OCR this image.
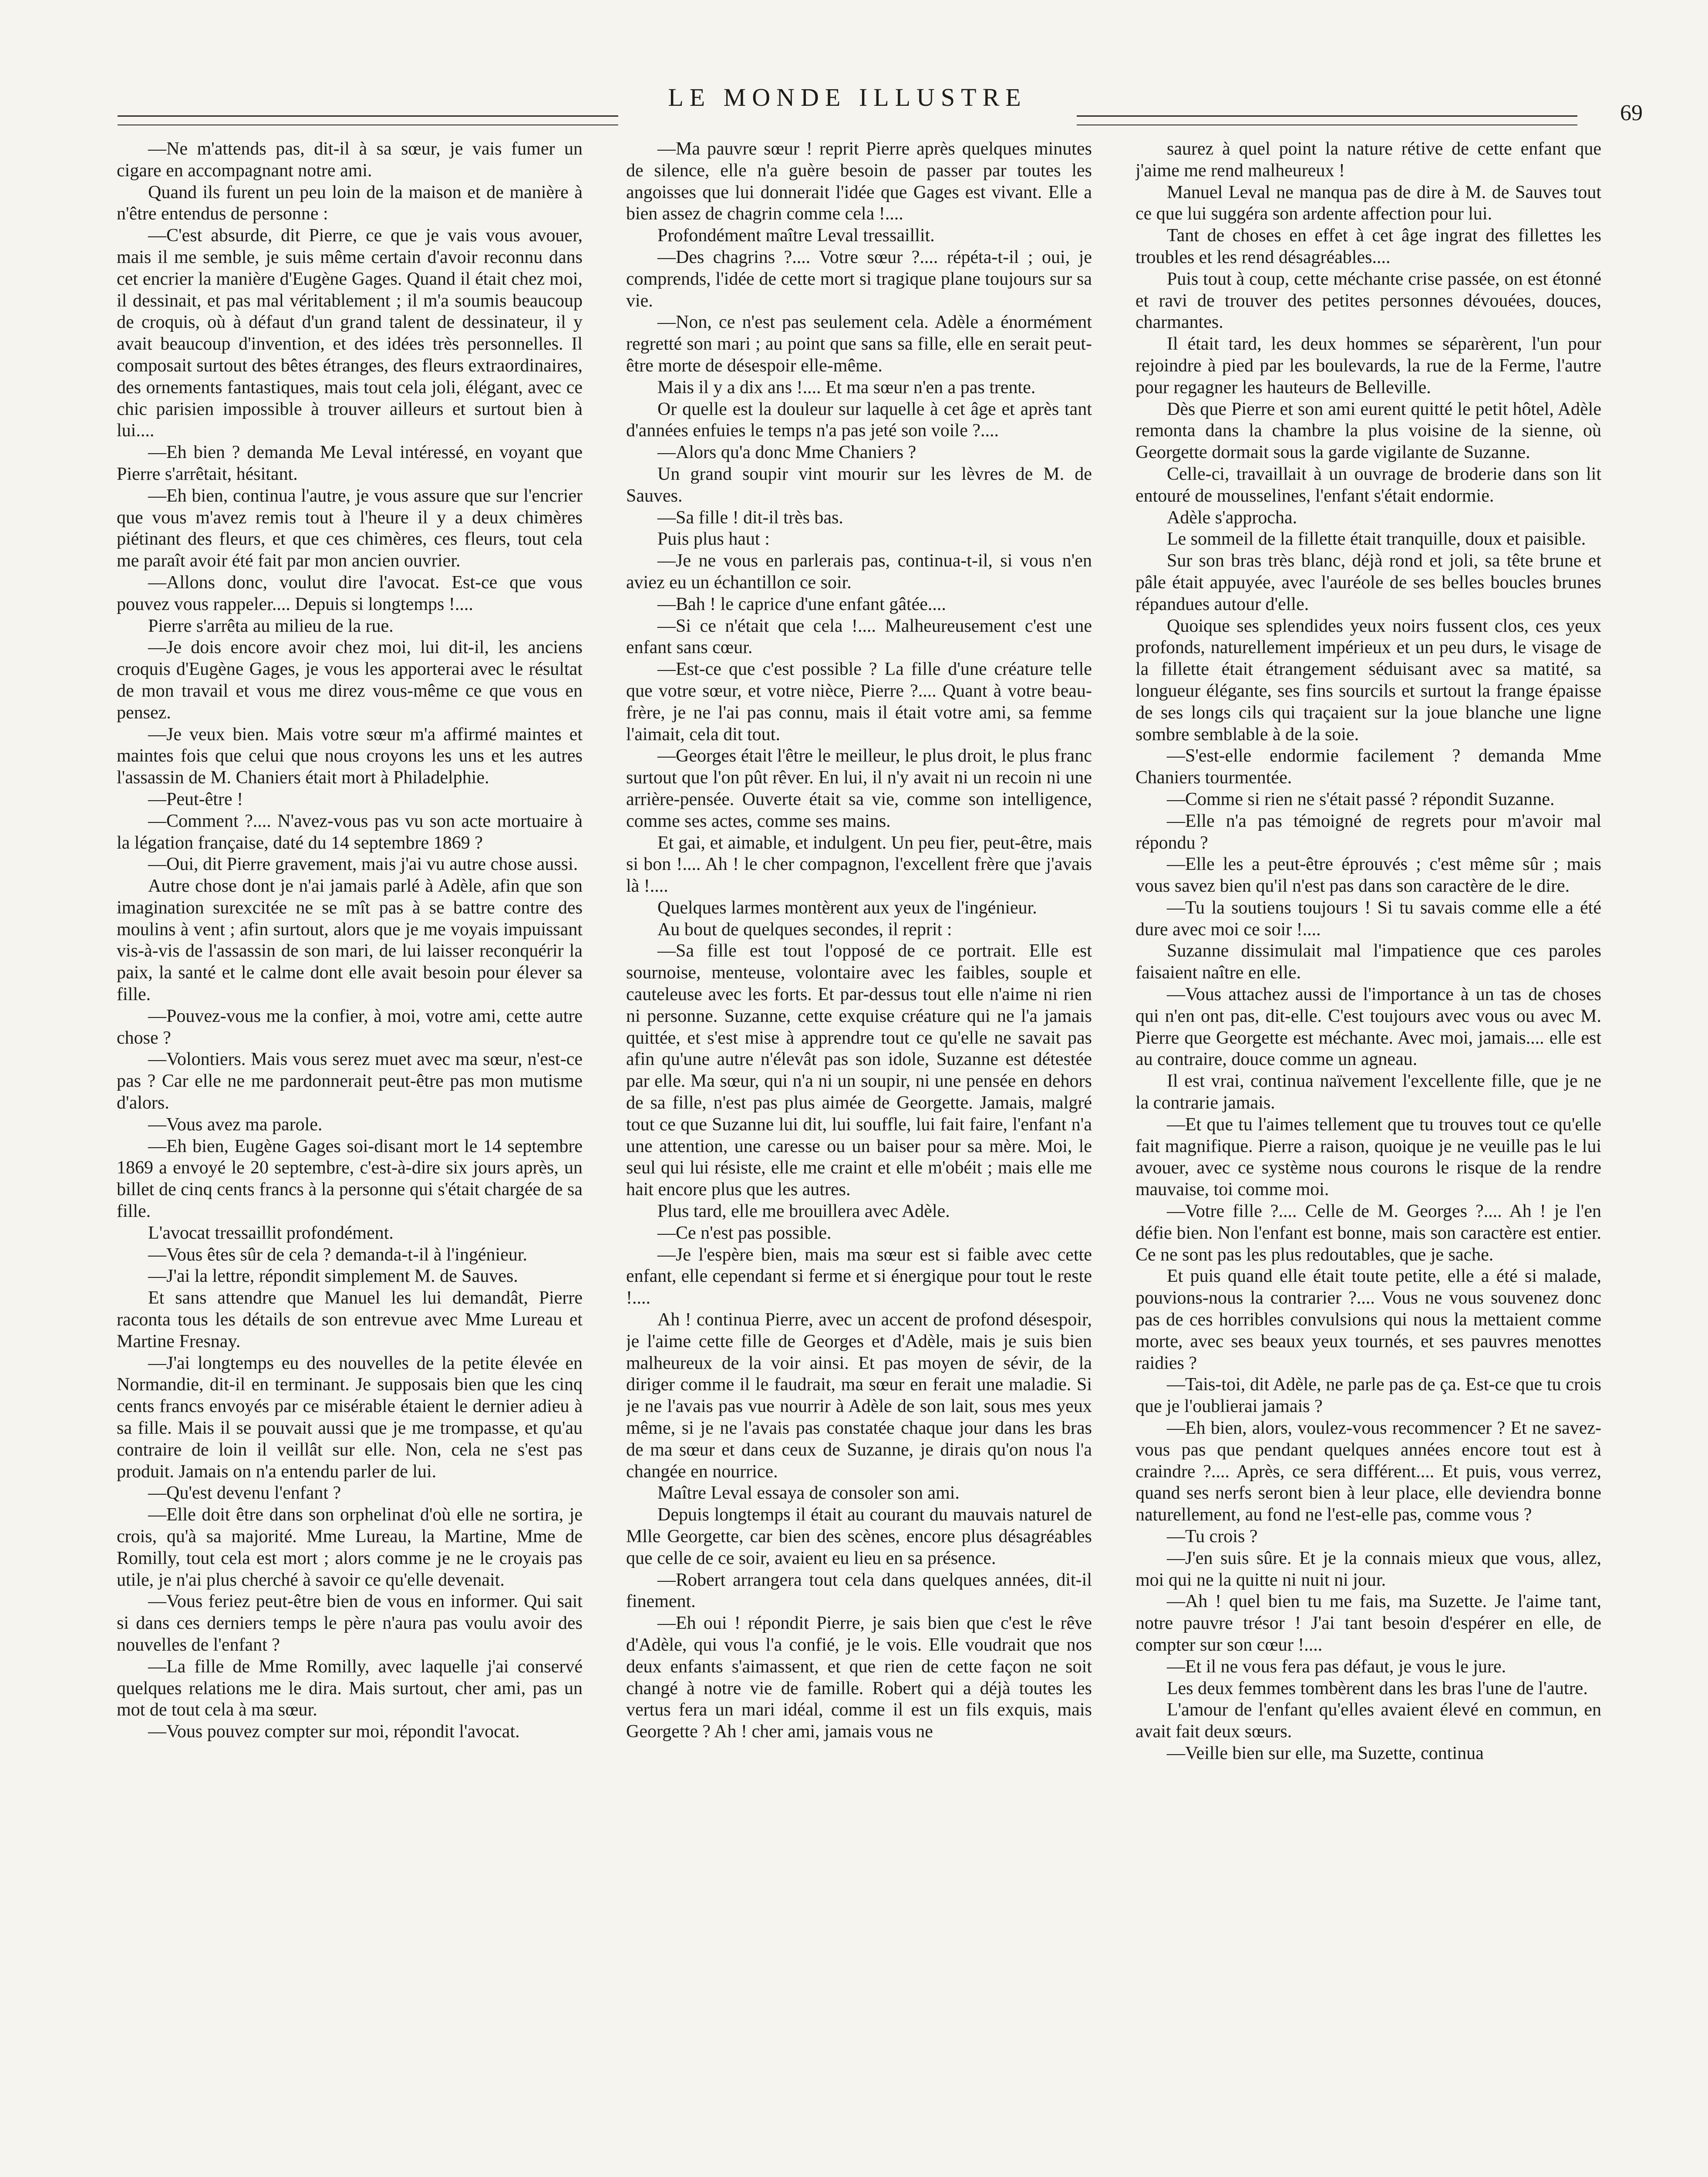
LE MONDE ILLUSTRE
69

—Ne m'attends pas, dit-il à sa sœur, je vais fumer un cigare en accompagnant notre ami.

Quand ils furent un peu loin de la maison et de manière à n'être entendus de personne :

—C'est absurde, dit Pierre, ce que je vais vous avouer, mais il me semble, je suis même certain d'avoir reconnu dans cet encrier la manière d'Eugène Gages. Quand il était chez moi, il dessinait, et pas mal véritablement ; il m'a soumis beaucoup de croquis, où à défaut d'un grand talent de dessinateur, il y avait beaucoup d'invention, et des idées très personnelles. Il composait surtout des bêtes étranges, des fleurs extraordinaires, des ornements fantastiques, mais tout cela joli, élégant, avec ce chic parisien impossible à trouver ailleurs et surtout bien à lui....

—Eh bien ? demanda Me Leval intéressé, en voyant que Pierre s'arrêtait, hésitant.

—Eh bien, continua l'autre, je vous assure que sur l'encrier que vous m'avez remis tout à l'heure il y a deux chimères piétinant des fleurs, et que ces chimères, ces fleurs, tout cela me paraît avoir été fait par mon ancien ouvrier.

—Allons donc, voulut dire l'avocat. Est-ce que vous pouvez vous rappeler.... Depuis si longtemps !....

Pierre s'arrêta au milieu de la rue.

—Je dois encore avoir chez moi, lui dit-il, les anciens croquis d'Eugène Gages, je vous les apporterai avec le résultat de mon travail et vous me direz vous-même ce que vous en pensez.

—Je veux bien. Mais votre sœur m'a affirmé maintes et maintes fois que celui que nous croyons les uns et les autres l'assassin de M. Chaniers était mort à Philadelphie.

—Peut-être !

—Comment ?.... N'avez-vous pas vu son acte mortuaire à la légation française, daté du 14 septembre 1869 ?

—Oui, dit Pierre gravement, mais j'ai vu autre chose aussi.

Autre chose dont je n'ai jamais parlé à Adèle, afin que son imagination surexcitée ne se mît pas à se battre contre des moulins à vent ; afin surtout, alors que je me voyais impuissant vis-à-vis de l'assassin de son mari, de lui laisser reconquérir la paix, la santé et le calme dont elle avait besoin pour élever sa fille.

—Pouvez-vous me la confier, à moi, votre ami, cette autre chose ?

—Volontiers. Mais vous serez muet avec ma sœur, n'est-ce pas ? Car elle ne me pardonnerait peut-être pas mon mutisme d'alors.

—Vous avez ma parole.

—Eh bien, Eugène Gages soi-disant mort le 14 septembre 1869 a envoyé le 20 septembre, c'est-à-dire six jours après, un billet de cinq cents francs à la personne qui s'était chargée de sa fille.

L'avocat tressaillit profondément.

—Vous êtes sûr de cela ? demanda-t-il à l'ingénieur.

—J'ai la lettre, répondit simplement M. de Sauves.

Et sans attendre que Manuel les lui demandât, Pierre raconta tous les détails de son entrevue avec Mme Lureau et Martine Fresnay.

—J'ai longtemps eu des nouvelles de la petite élevée en Normandie, dit-il en terminant. Je supposais bien que les cinq cents francs envoyés par ce misérable étaient le dernier adieu à sa fille. Mais il se pouvait aussi que je me trompasse, et qu'au contraire de loin il veillât sur elle. Non, cela ne s'est pas produit. Jamais on n'a entendu parler de lui.

—Qu'est devenu l'enfant ?

—Elle doit être dans son orphelinat d'où elle ne sortira, je crois, qu'à sa majorité. Mme Lureau, la Martine, Mme de Romilly, tout cela est mort ; alors comme je ne le croyais pas utile, je n'ai plus cherché à savoir ce qu'elle devenait.

—Vous feriez peut-être bien de vous en informer. Qui sait si dans ces derniers temps le père n'aura pas voulu avoir des nouvelles de l'enfant ?

—La fille de Mme Romilly, avec laquelle j'ai conservé quelques relations me le dira. Mais surtout, cher ami, pas un mot de tout cela à ma sœur.

—Vous pouvez compter sur moi, répondit l'avocat.

—Ma pauvre sœur ! reprit Pierre après quelques minutes de silence, elle n'a guère besoin de passer par toutes les angoisses que lui donnerait l'idée que Gages est vivant. Elle a bien assez de chagrin comme cela !....

Profondément maître Leval tressaillit.

—Des chagrins ?.... Votre sœur ?.... répéta-t-il ; oui, je comprends, l'idée de cette mort si tragique plane toujours sur sa vie.

—Non, ce n'est pas seulement cela. Adèle a énormément regretté son mari ; au point que sans sa fille, elle en serait peut-être morte de désespoir elle-même.

Mais il y a dix ans !.... Et ma sœur n'en a pas trente.

Or quelle est la douleur sur laquelle à cet âge et après tant d'années enfuies le temps n'a pas jeté son voile ?....

—Alors qu'a donc Mme Chaniers ?

Un grand soupir vint mourir sur les lèvres de M. de Sauves.

—Sa fille ! dit-il très bas.

Puis plus haut :

—Je ne vous en parlerais pas, continua-t-il, si vous n'en aviez eu un échantillon ce soir.

—Bah ! le caprice d'une enfant gâtée....

—Si ce n'était que cela !.... Malheureusement c'est une enfant sans cœur.

—Est-ce que c'est possible ? La fille d'une créature telle que votre sœur, et votre nièce, Pierre ?.... Quant à votre beau-frère, je ne l'ai pas connu, mais il était votre ami, sa femme l'aimait, cela dit tout.

—Georges était l'être le meilleur, le plus droit, le plus franc surtout que l'on pût rêver. En lui, il n'y avait ni un recoin ni une arrière-pensée. Ouverte était sa vie, comme son intelligence, comme ses actes, comme ses mains.

Et gai, et aimable, et indulgent. Un peu fier, peut-être, mais si bon !.... Ah ! le cher compagnon, l'excellent frère que j'avais là !....

Quelques larmes montèrent aux yeux de l'ingénieur.

Au bout de quelques secondes, il reprit :

—Sa fille est tout l'opposé de ce portrait. Elle est sournoise, menteuse, volontaire avec les faibles, souple et cauteleuse avec les forts. Et par-dessus tout elle n'aime ni rien ni personne. Suzanne, cette exquise créature qui ne l'a jamais quittée, et s'est mise à apprendre tout ce qu'elle ne savait pas afin qu'une autre n'élevât pas son idole, Suzanne est détestée par elle. Ma sœur, qui n'a ni un soupir, ni une pensée en dehors de sa fille, n'est pas plus aimée de Georgette. Jamais, malgré tout ce que Suzanne lui dit, lui souffle, lui fait faire, l'enfant n'a une attention, une caresse ou un baiser pour sa mère. Moi, le seul qui lui résiste, elle me craint et elle m'obéit ; mais elle me hait encore plus que les autres.

Plus tard, elle me brouillera avec Adèle.

—Ce n'est pas possible.

—Je l'espère bien, mais ma sœur est si faible avec cette enfant, elle cependant si ferme et si énergique pour tout le reste !....

Ah ! continua Pierre, avec un accent de profond désespoir, je l'aime cette fille de Georges et d'Adèle, mais je suis bien malheureux de la voir ainsi. Et pas moyen de sévir, de la diriger comme il le faudrait, ma sœur en ferait une maladie. Si je ne l'avais pas vue nourrir à Adèle de son lait, sous mes yeux même, si je ne l'avais pas constatée chaque jour dans les bras de ma sœur et dans ceux de Suzanne, je dirais qu'on nous l'a changée en nourrice.

Maître Leval essaya de consoler son ami.

Depuis longtemps il était au courant du mauvais naturel de Mlle Georgette, car bien des scènes, encore plus désagréables que celle de ce soir, avaient eu lieu en sa présence.

—Robert arrangera tout cela dans quelques années, dit-il finement.

—Eh oui ! répondit Pierre, je sais bien que c'est le rêve d'Adèle, qui vous l'a confié, je le vois. Elle voudrait que nos deux enfants s'aimassent, et que rien de cette façon ne soit changé à notre vie de famille. Robert qui a déjà toutes les vertus fera un mari idéal, comme il est un fils exquis, mais Georgette ? Ah ! cher ami, jamais vous ne

saurez à quel point la nature rétive de cette enfant que j'aime me rend malheureux !

Manuel Leval ne manqua pas de dire à M. de Sauves tout ce que lui suggéra son ardente affection pour lui.

Tant de choses en effet à cet âge ingrat des fillettes les troubles et les rend désagréables....

Puis tout à coup, cette méchante crise passée, on est étonné et ravi de trouver des petites personnes dévouées, douces, charmantes.

Il était tard, les deux hommes se séparèrent, l'un pour rejoindre à pied par les boulevards, la rue de la Ferme, l'autre pour regagner les hauteurs de Belleville.

Dès que Pierre et son ami eurent quitté le petit hôtel, Adèle remonta dans la chambre la plus voisine de la sienne, où Georgette dormait sous la garde vigilante de Suzanne.

Celle-ci, travaillait à un ouvrage de broderie dans son lit entouré de mousselines, l'enfant s'était endormie.

Adèle s'approcha.

Le sommeil de la fillette était tranquille, doux et paisible.

Sur son bras très blanc, déjà rond et joli, sa tête brune et pâle était appuyée, avec l'auréole de ses belles boucles brunes répandues autour d'elle.

Quoique ses splendides yeux noirs fussent clos, ces yeux profonds, naturellement impérieux et un peu durs, le visage de la fillette était étrangement séduisant avec sa matité, sa longueur élégante, ses fins sourcils et surtout la frange épaisse de ses longs cils qui traçaient sur la joue blanche une ligne sombre semblable à de la soie.

—S'est-elle endormie facilement ? demanda Mme Chaniers tourmentée.

—Comme si rien ne s'était passé ? répondit Suzanne.

—Elle n'a pas témoigné de regrets pour m'avoir mal répondu ?

—Elle les a peut-être éprouvés ; c'est même sûr ; mais vous savez bien qu'il n'est pas dans son caractère de le dire.

—Tu la soutiens toujours ! Si tu savais comme elle a été dure avec moi ce soir !....

Suzanne dissimulait mal l'impatience que ces paroles faisaient naître en elle.

—Vous attachez aussi de l'importance à un tas de choses qui n'en ont pas, dit-elle. C'est toujours avec vous ou avec M. Pierre que Georgette est méchante. Avec moi, jamais.... elle est au contraire, douce comme un agneau.

Il est vrai, continua naïvement l'excellente fille, que je ne la contrarie jamais.

—Et que tu l'aimes tellement que tu trouves tout ce qu'elle fait magnifique. Pierre a raison, quoique je ne veuille pas le lui avouer, avec ce système nous courons le risque de la rendre mauvaise, toi comme moi.

—Votre fille ?.... Celle de M. Georges ?.... Ah ! je l'en défie bien. Non l'enfant est bonne, mais son caractère est entier. Ce ne sont pas les plus redoutables, que je sache.

Et puis quand elle était toute petite, elle a été si malade, pouvions-nous la contrarier ?.... Vous ne vous souvenez donc pas de ces horribles convulsions qui nous la mettaient comme morte, avec ses beaux yeux tournés, et ses pauvres menottes raidies ?

—Tais-toi, dit Adèle, ne parle pas de ça. Est-ce que tu crois que je l'oublierai jamais ?

—Eh bien, alors, voulez-vous recommencer ? Et ne savez-vous pas que pendant quelques années encore tout est à craindre ?.... Après, ce sera différent.... Et puis, vous verrez, quand ses nerfs seront bien à leur place, elle deviendra bonne naturellement, au fond ne l'est-elle pas, comme vous ?

—Tu crois ?

—J'en suis sûre. Et je la connais mieux que vous, allez, moi qui ne la quitte ni nuit ni jour.

—Ah ! quel bien tu me fais, ma Suzette. Je l'aime tant, notre pauvre trésor ! J'ai tant besoin d'espérer en elle, de compter sur son cœur !....

—Et il ne vous fera pas défaut, je vous le jure.

Les deux femmes tombèrent dans les bras l'une de l'autre.

L'amour de l'enfant qu'elles avaient élevé en commun, en avait fait deux sœurs.

—Veille bien sur elle, ma Suzette, continua
